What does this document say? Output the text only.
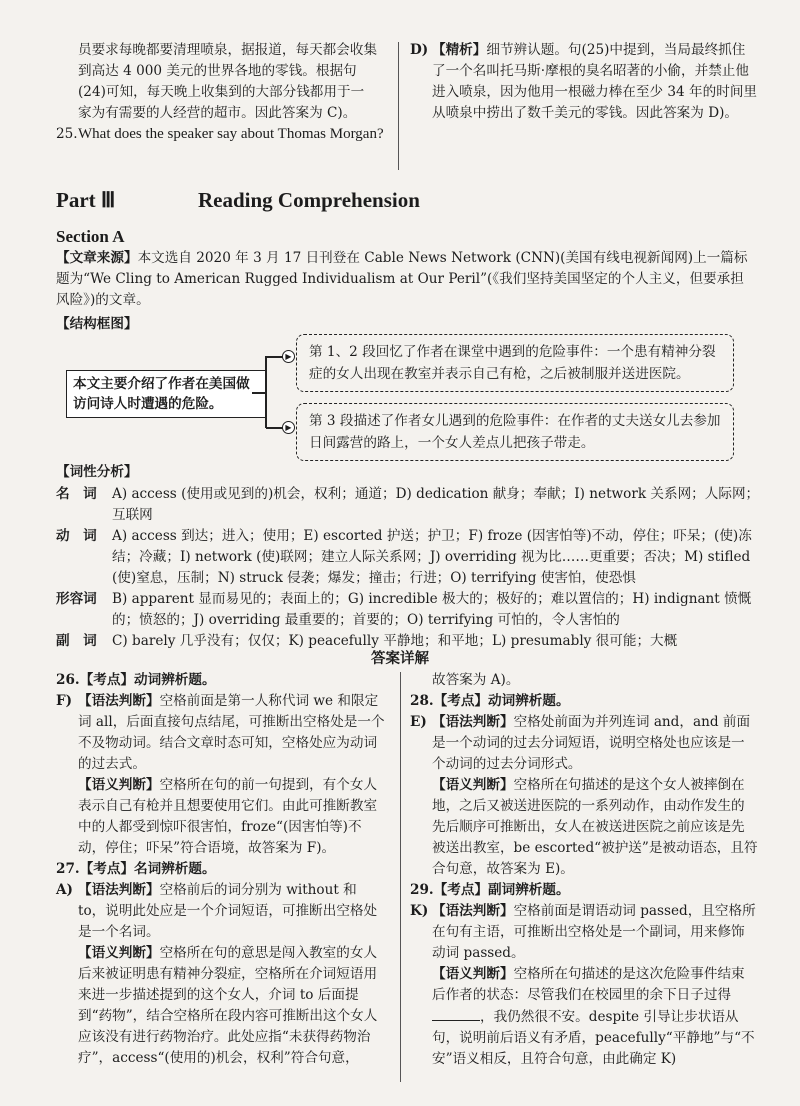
员要求每晚都要清理喷泉，据报道，每天都会收集

到高达 4 000 美元的世界各地的零钱。根据句

(24)可知，每天晚上收集到的大部分钱都用于一

家为有需要的人经营的超市。因此答案为 C)。

25. What does the speaker say about Thomas Morgan?
D) 【精析】细节辨认题。句(25)中提到，当局最终抓住了一个名叫托马斯·摩根的臭名昭著的小偷，并禁止他进入喷泉，因为他用一根磁力棒在至少 34 年的时间里从喷泉中捞出了数千美元的零钱。因此答案为 D)。
Part Ⅲ	Reading Comprehension
Section A
【文章来源】本文选自 2020 年 3 月 17 日刊登在 Cable News Network (CNN)(美国有线电视新闻网)上一篇标题为“We Cling to American Rugged Individualism at Our Peril”(《我们坚持美国坚定的个人主义，但要承担风险》)的文章。
【结构框图】
本文主要介绍了作者在美国做访问诗人时遭遇的危险。
▶
▶
第 1、2 段回忆了作者在课堂中遇到的危险事件：一个患有精神分裂症的女人出现在教室并表示自己有枪，之后被制服并送进医院。
第 3 段描述了作者女儿遇到的危险事件：在作者的丈夫送女儿去参加日间露营的路上，一个女人差点儿把孩子带走。
【词性分析】
名　词	A) access (使用或见到的)机会，权利；通道；D) dedication 献身；奉献；I) network 关系网；人际网；互联网
动　词	A) access 到达；进入；使用；E) escorted 护送；护卫；F) froze (因害怕等)不动，停住；吓呆；(使)冻结；冷藏；I) network (使)联网；建立人际关系网；J) overriding 视为比……更重要；否决；M) stifled (使)窒息，压制；N) struck 侵袭；爆发；撞击；行进；O) terrifying 使害怕，使恐惧
形容词	B) apparent 显而易见的；表面上的；G) incredible 极大的；极好的；难以置信的；H) indignant 愤慨的；愤怒的；J) overriding 最重要的；首要的；O) terrifying 可怕的，令人害怕的
副　词	C) barely 几乎没有；仅仅；K) peacefully 平静地；和平地；L) presumably 很可能；大概
答案详解

26.【考点】动词辨析题。

F) 【语法判断】空格前面是第一人称代词 we 和限定词 all，后面直接句点结尾，可推断出空格处是一个不及物动词。结合文章时态可知，空格处应为动词的过去式。

【语义判断】空格所在句的前一句提到，有个女人表示自己有枪并且想要使用它们。由此可推断教室中的人都受到惊吓很害怕，froze“(因害怕等)不动，停住；吓呆”符合语境，故答案为 F)。

27.【考点】名词辨析题。

A) 【语法判断】空格前后的词分别为 without 和 to，说明此处应是一个介词短语，可推断出空格处是一个名词。

【语义判断】空格所在句的意思是闯入教室的女人后来被证明患有精神分裂症，空格所在介词短语用来进一步描述提到的这个女人，介词 to 后面提到“药物”，结合空格所在段内容可推断出这个女人应该没有进行药物治疗。此处应指“未获得药物治疗”，access“(使用的)机会，权利”符合句意，

故答案为 A)。

28.【考点】动词辨析题。

E) 【语法判断】空格处前面为并列连词 and，and 前面是一个动词的过去分词短语，说明空格处也应该是一个动词的过去分词形式。

【语义判断】空格所在句描述的是这个女人被摔倒在地，之后又被送进医院的一系列动作，由动作发生的先后顺序可推断出，女人在被送进医院之前应该是先被送出教室，be escorted“被护送”是被动语态，且符合句意，故答案为 E)。

29.【考点】副词辨析题。

K) 【语法判断】空格前面是谓语动词 passed，且空格所在句有主语，可推断出空格处是一个副词，用来修饰动词 passed。

【语义判断】空格所在句描述的是这次危险事件结束后作者的状态：尽管我们在校园里的余下日子过得，我仍然很不安。despite 引导让步状语从句，说明前后语义有矛盾，peacefully“平静地”与“不安”语义相反，且符合句意，由此确定 K)
